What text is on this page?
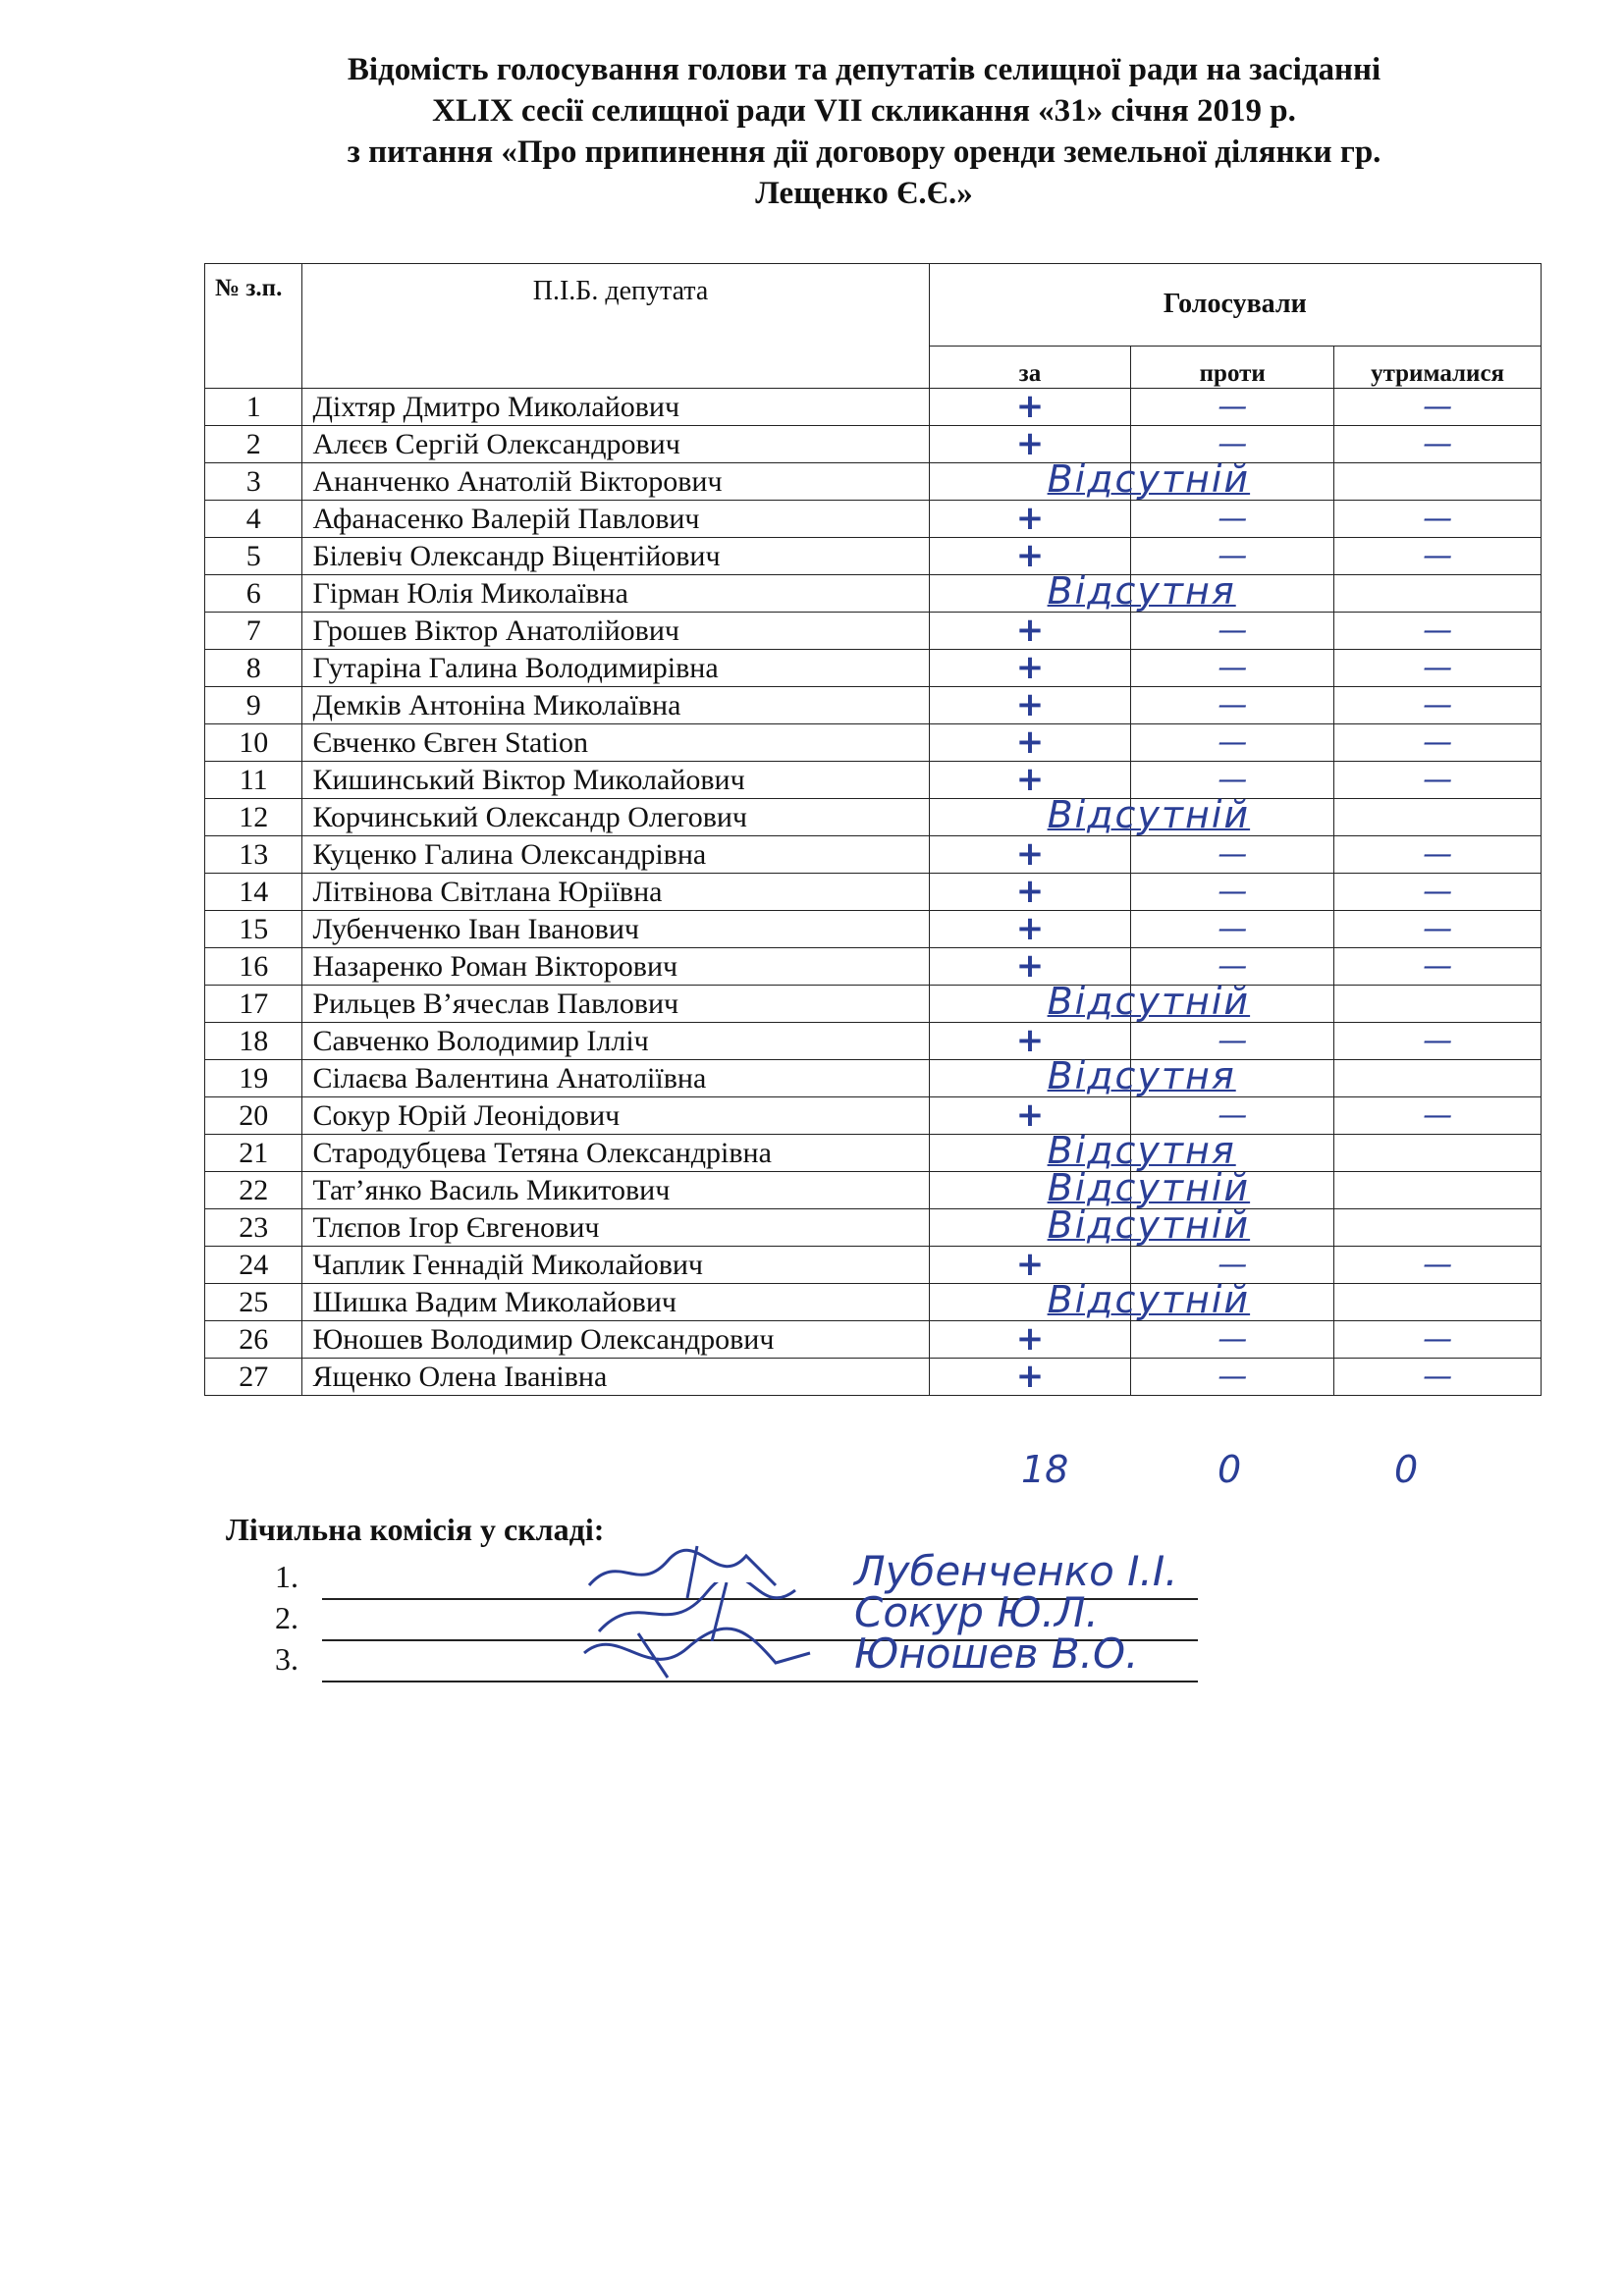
Відомість голосування голови та депутатів селищної ради на засіданні
XLIX сесії селищної ради VII скликання «31» січня 2019 р.
з питання «Про припинення дії договору оренди земельної ділянки гр.
Лещенко Є.Є.»
№ з.п.	П.І.Б. депутата	Голосували		
		за	проти	утрималися
1	Діхтяр Дмитро Миколайович	+	—	—

2	Алєєв Сергій Олександрович	+	—	—

3	Ананченко Анатолій Вікторович	Відсутній		

4	Афанасенко Валерій Павлович	+	—	—

5	Білевіч Олександр Віцентійович	+	—	—

6	Гірман Юлія Миколаївна	Відсутня		

7	Грошев Віктор Анатолійович	+	—	—

8	Гутаріна Галина Володимирівна	+	—	—

9	Демків Антоніна Миколаївна	+	—	—

10	Євченко Євген Station	+	—	—

11	Кишинський Віктор Миколайович	+	—	—

12	Корчинський Олександр Олегович	Відсутній		

13	Куценко Галина Олександрівна	+	—	—

14	Літвінова Світлана Юріївна	+	—	—

15	Лубенченко Іван Іванович	+	—	—

16	Назаренко Роман Вікторович	+	—	—

17	Рильцев В’ячеслав Павлович	Відсутній		

18	Савченко Володимир Ілліч	+	—	—

19	Сілаєва Валентина Анатоліївна	Відсутня		

20	Сокур Юрій Леонідович	+	—	—

21	Стародубцева Тетяна Олександрівна	Відсутня		

22	Тат’янко Василь Микитович	Відсутній		

23	Тлєпов Ігор Євгенович	Відсутній		

24	Чаплик Геннадій Миколайович	+	—	—

25	Шишка Вадим Миколайович	Відсутній		

26	Юношев Володимир Олександрович	+	—	—

27	Ященко Олена Іванівна	+	—	—
18	0	0
Лічильна комісія у складі:
1.	Лубенченко І.І.
2.	Сокур Ю.Л.
3.	Юношев В.О.
